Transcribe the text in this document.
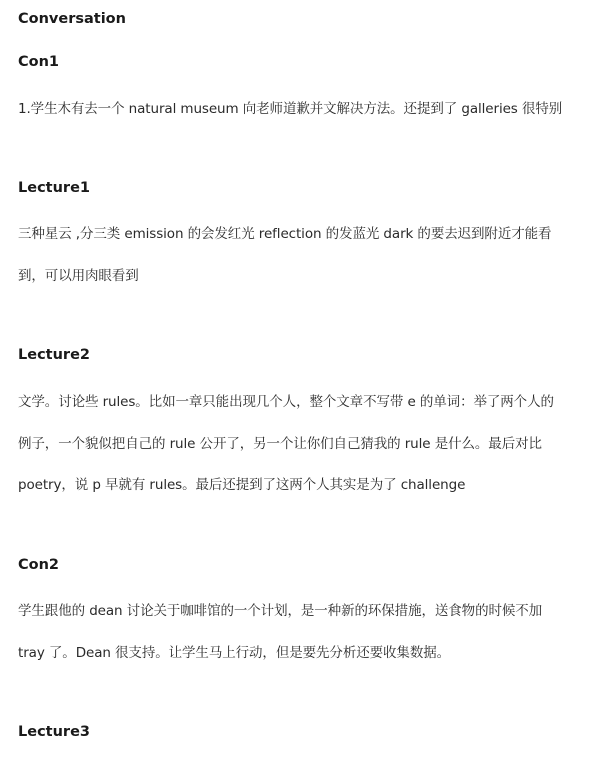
Conversation
Con1
1.学生木有去一个 natural museum 向老师道歉并文解决方法。还提到了 galleries 很特别
Lecture1
三种星云 ,分三类 emission 的会发红光 reflection 的发蓝光 dark 的要去迟到附近才能看
到，可以用肉眼看到
Lecture2
文学。讨论些 rules。比如一章只能出现几个人，整个文章不写带 e 的单词：举了两个人的
例子，一个貌似把自己的 rule 公开了，另一个让你们自己猜我的 rule 是什么。最后对比
poetry，说 p 早就有 rules。最后还提到了这两个人其实是为了 challenge
Con2
学生跟他的 dean 讨论关于咖啡馆的一个计划，是一种新的环保措施，送食物的时候不加
tray 了。Dean 很支持。让学生马上行动，但是要先分析还要收集数据。
Lecture3
